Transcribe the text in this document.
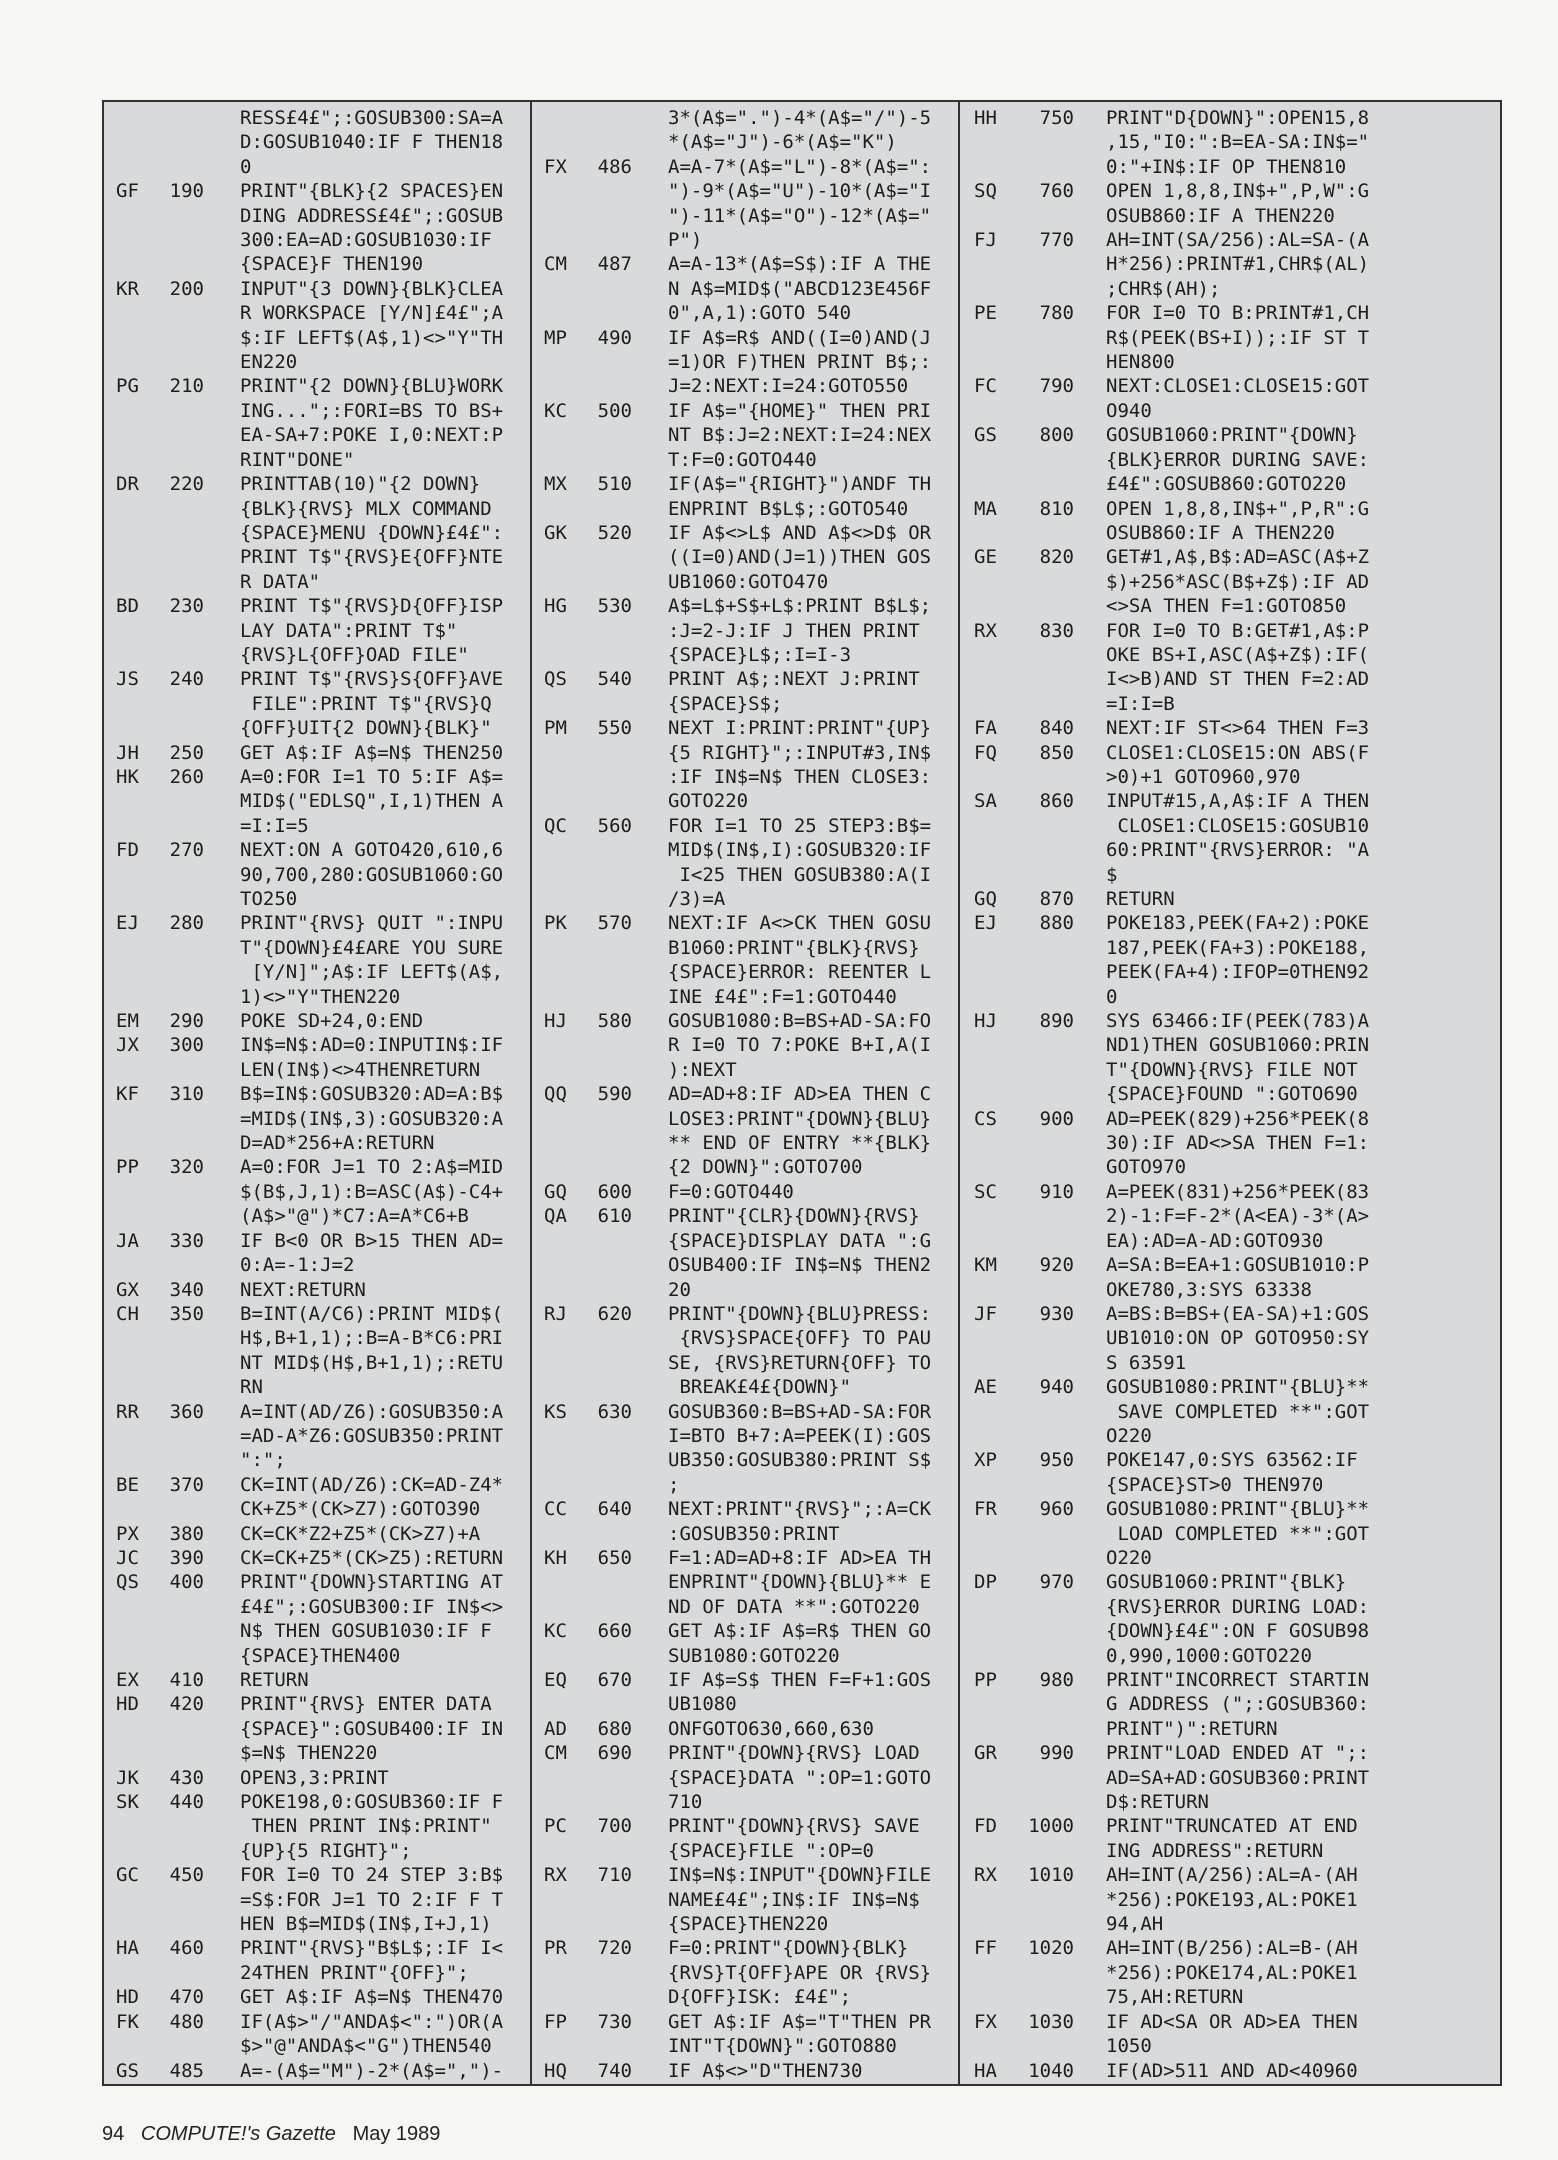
RESS£4£";:GOSUB300:SA=A
D:GOSUB1040:IF F THEN18
0
GF	190 PRINT"{BLK}{2 SPACES}EN
DING ADDRESS£4£";:GOSUB
300:EA=AD:GOSUB1030:IF
{SPACE}F THEN190
KR	200 INPUT"{3 DOWN}{BLK}CLEA
R WORKSPACE [Y/N]£4£";A
$:IF LEFT$(A$,1)<>"Y"TH
EN220
PG	210 PRINT"{2 DOWN}{BLU}WORK
ING...";:FORI=BS TO BS+
EA-SA+7:POKE I,0:NEXT:P
RINT"DONE"
DR	220 PRINTTAB(10)"{2 DOWN}
{BLK}{RVS} MLX COMMAND
{SPACE}MENU {DOWN}£4£":
PRINT T$"{RVS}E{OFF}NTE
R DATA"
BD	230 PRINT T$"{RVS}D{OFF}ISP
LAY DATA":PRINT T$"
{RVS}L{OFF}OAD FILE"
JS	240 PRINT T$"{RVS}S{OFF}AVE
FILE":PRINT T$"{RVS}Q
{OFF}UIT{2 DOWN}{BLK}"
JH	250 GET A$:IF A$=N$ THEN250
HK	260 A=0:FOR I=1 TO 5:IF A$=
MID$("EDLSQ",I,1)THEN A
=I:I=5
FD	270 NEXT:ON A GOTO420,610,6
90,700,280:GOSUB1060:GO
TO250
EJ	280 PRINT"{RVS} QUIT ":INPU
T"{DOWN}£4£ARE YOU SURE
[Y/N]";A$:IF LEFT$(A$,
1)<>"Y"THEN220
EM	290 POKE SD+24,0:END
JX	300 IN$=N$:AD=0:INPUTIN$:IF
LEN(IN$)<>4THENRETURN
KF	310 B$=IN$:GOSUB320:AD=A:B$
=MID$(IN$,3):GOSUB320:A
D=AD*256+A:RETURN
PP	320 A=0:FOR J=1 TO 2:A$=MID
$(B$,J,1):B=ASC(A$)-C4+
(A$>"@")*C7:A=A*C6+B
JA	330 IF B<0 OR B>15 THEN AD=
0:A=-1:J=2
GX	340 NEXT:RETURN
CH	350 B=INT(A/C6):PRINT MID$(
H$,B+1,1);:B=A-B*C6:PRI
NT MID$(H$,B+1,1);:RETU
RN
RR	360 A=INT(AD/Z6):GOSUB350:A
=AD-A*Z6:GOSUB350:PRINT
":";
BE	370 CK=INT(AD/Z6):CK=AD-Z4*
CK+Z5*(CK>Z7):GOTO390
PX	380 CK=CK*Z2+Z5*(CK>Z7)+A
JC	390 CK=CK+Z5*(CK>Z5):RETURN
QS	400 PRINT"{DOWN}STARTING AT
£4£";:GOSUB300:IF IN$<>
N$ THEN GOSUB1030:IF F
{SPACE}THEN400
EX	410 RETURN
HD	420 PRINT"{RVS} ENTER DATA
{SPACE}":GOSUB400:IF IN
$=N$ THEN220
JK	430 OPEN3,3:PRINT
SK	440 POKE198,0:GOSUB360:IF F
THEN PRINT IN$:PRINT"
{UP}{5 RIGHT}";
GC	450 FOR I=0 TO 24 STEP 3:B$
=S$:FOR J=1 TO 2:IF F T
HEN B$=MID$(IN$,I+J,1)
HA	460 PRINT"{RVS}"B$L$;:IF I<
24THEN PRINT"{OFF}";
HD	470 GET A$:IF A$=N$ THEN470
FK	480 IF(A$>"/"ANDA$<":")OR(A
$>"@"ANDA$<"G")THEN540
GS	485 A=-(A$="M")-2*(A$=",")-
3*(A$=".")-4*(A$="/")-5
*(A$="J")-6*(A$="K")
FX	486 A=A-7*(A$="L")-8*(A$=":
")-9*(A$="U")-10*(A$="I
")-11*(A$="O")-12*(A$="
P")
CM	487 A=A-13*(A$=S$):IF A THE
N A$=MID$("ABCD123E456F
0",A,1):GOTO 540
MP	490 IF A$=R$ AND((I=0)AND(J
=1)OR F)THEN PRINT B$;:
J=2:NEXT:I=24:GOTO550
KC	500 IF A$="{HOME}" THEN PRI
NT B$:J=2:NEXT:I=24:NEX
T:F=0:GOTO440
MX	510 IF(A$="{RIGHT}")ANDF TH
ENPRINT B$L$;:GOTO540
GK	520 IF A$<>L$ AND A$<>D$ OR
((I=0)AND(J=1))THEN GOS
UB1060:GOTO470
HG	530 A$=L$+S$+L$:PRINT B$L$;
:J=2-J:IF J THEN PRINT
{SPACE}L$;:I=I-3
QS	540 PRINT A$;:NEXT J:PRINT
{SPACE}S$;
PM	550 NEXT I:PRINT:PRINT"{UP}
{5 RIGHT}";:INPUT#3,IN$
:IF IN$=N$ THEN CLOSE3:
GOTO220
QC	560 FOR I=1 TO 25 STEP3:B$=
MID$(IN$,I):GOSUB320:IF
I<25 THEN GOSUB380:A(I
/3)=A
PK	570 NEXT:IF A<>CK THEN GOSU
B1060:PRINT"{BLK}{RVS}
{SPACE}ERROR: REENTER L
INE £4£":F=1:GOTO440
HJ	580 GOSUB1080:B=BS+AD-SA:FO
R I=0 TO 7:POKE B+I,A(I
):NEXT
QQ	590 AD=AD+8:IF AD>EA THEN C
LOSE3:PRINT"{DOWN}{BLU}
** END OF ENTRY **{BLK}
{2 DOWN}":GOTO700
GQ	600 F=0:GOTO440
QA	610 PRINT"{CLR}{DOWN}{RVS}
{SPACE}DISPLAY DATA ":G
OSUB400:IF IN$=N$ THEN2
20
RJ	620 PRINT"{DOWN}{BLU}PRESS:
{RVS}SPACE{OFF} TO PAU
SE, {RVS}RETURN{OFF} TO
BREAK£4£{DOWN}"
KS	630 GOSUB360:B=BS+AD-SA:FOR
I=BTO B+7:A=PEEK(I):GOS
UB350:GOSUB380:PRINT S$
;
CC	640 NEXT:PRINT"{RVS}";:A=CK
:GOSUB350:PRINT
KH	650 F=1:AD=AD+8:IF AD>EA TH
ENPRINT"{DOWN}{BLU}** E
ND OF DATA **":GOTO220
KC	660 GET A$:IF A$=R$ THEN GO
SUB1080:GOTO220
EQ	670 IF A$=S$ THEN F=F+1:GOS
UB1080
AD	680 ONFGOTO630,660,630
CM	690 PRINT"{DOWN}{RVS} LOAD
{SPACE}DATA ":OP=1:GOTO
710
PC	700 PRINT"{DOWN}{RVS} SAVE
{SPACE}FILE ":OP=0
RX	710 IN$=N$:INPUT"{DOWN}FILE
NAME£4£";IN$:IF IN$=N$
{SPACE}THEN220
PR	720 F=0:PRINT"{DOWN}{BLK}
{RVS}T{OFF}APE OR {RVS}
D{OFF}ISK: £4£";
FP	730 GET A$:IF A$="T"THEN PR
INT"T{DOWN}":GOTO880
HQ	740 IF A$<>"D"THEN730
HH	750 PRINT"D{DOWN}":OPEN15,8
,15,"I0:":B=EA-SA:IN$="
0:"+IN$:IF OP THEN810
SQ	760 OPEN 1,8,8,IN$+",P,W":G
OSUB860:IF A THEN220
FJ	770 AH=INT(SA/256):AL=SA-(A
H*256):PRINT#1,CHR$(AL)
;CHR$(AH);
PE	780 FOR I=0 TO B:PRINT#1,CH
R$(PEEK(BS+I));:IF ST T
HEN800
FC	790 NEXT:CLOSE1:CLOSE15:GOT
O940
GS	800 GOSUB1060:PRINT"{DOWN}
{BLK}ERROR DURING SAVE:
£4£":GOSUB860:GOTO220
MA	810 OPEN 1,8,8,IN$+",P,R":G
OSUB860:IF A THEN220
GE	820 GET#1,A$,B$:AD=ASC(A$+Z
$)+256*ASC(B$+Z$):IF AD
<>SA THEN F=1:GOTO850
RX	830 FOR I=0 TO B:GET#1,A$:P
OKE BS+I,ASC(A$+Z$):IF(
I<>B)AND ST THEN F=2:AD
=I:I=B
FA	840 NEXT:IF ST<>64 THEN F=3
FQ	850 CLOSE1:CLOSE15:ON ABS(F
>0)+1 GOTO960,970
SA	860 INPUT#15,A,A$:IF A THEN
CLOSE1:CLOSE15:GOSUB10
60:PRINT"{RVS}ERROR: "A
$
GQ	870 RETURN
EJ	880 POKE183,PEEK(FA+2):POKE
187,PEEK(FA+3):POKE188,
PEEK(FA+4):IFOP=0THEN92
0
HJ	890 SYS 63466:IF(PEEK(783)A
ND1)THEN GOSUB1060:PRIN
T"{DOWN}{RVS} FILE NOT
{SPACE}FOUND ":GOTO690
CS	900 AD=PEEK(829)+256*PEEK(8
30):IF AD<>SA THEN F=1:
GOTO970
SC	910 A=PEEK(831)+256*PEEK(83
2)-1:F=F-2*(A<EA)-3*(A>
EA):AD=A-AD:GOTO930
KM	920 A=SA:B=EA+1:GOSUB1010:P
OKE780,3:SYS 63338
JF	930 A=BS:B=BS+(EA-SA)+1:GOS
UB1010:ON OP GOTO950:SY
S 63591
AE	940 GOSUB1080:PRINT"{BLU}**
SAVE COMPLETED **":GOT
O220
XP	950 POKE147,0:SYS 63562:IF
{SPACE}ST>0 THEN970
FR	960 GOSUB1080:PRINT"{BLU}**
LOAD COMPLETED **":GOT
O220
DP	970 GOSUB1060:PRINT"{BLK}
{RVS}ERROR DURING LOAD:
{DOWN}£4£":ON F GOSUB98
0,990,1000:GOTO220
PP	980 PRINT"INCORRECT STARTIN
G ADDRESS (";:GOSUB360:
PRINT")":RETURN
GR	990 PRINT"LOAD ENDED AT ";:
AD=SA+AD:GOSUB360:PRINT
D$:RETURN
FD	1000 PRINT"TRUNCATED AT END
ING ADDRESS":RETURN
RX	1010 AH=INT(A/256):AL=A-(AH
*256):POKE193,AL:POKE1
94,AH
FF	1020 AH=INT(B/256):AL=B-(AH
*256):POKE174,AL:POKE1
75,AH:RETURN
FX	1030 IF AD<SA OR AD>EA THEN
1050
HA	1040 IF(AD>511 AND AD<40960
94 COMPUTE!'s Gazette May 1989
